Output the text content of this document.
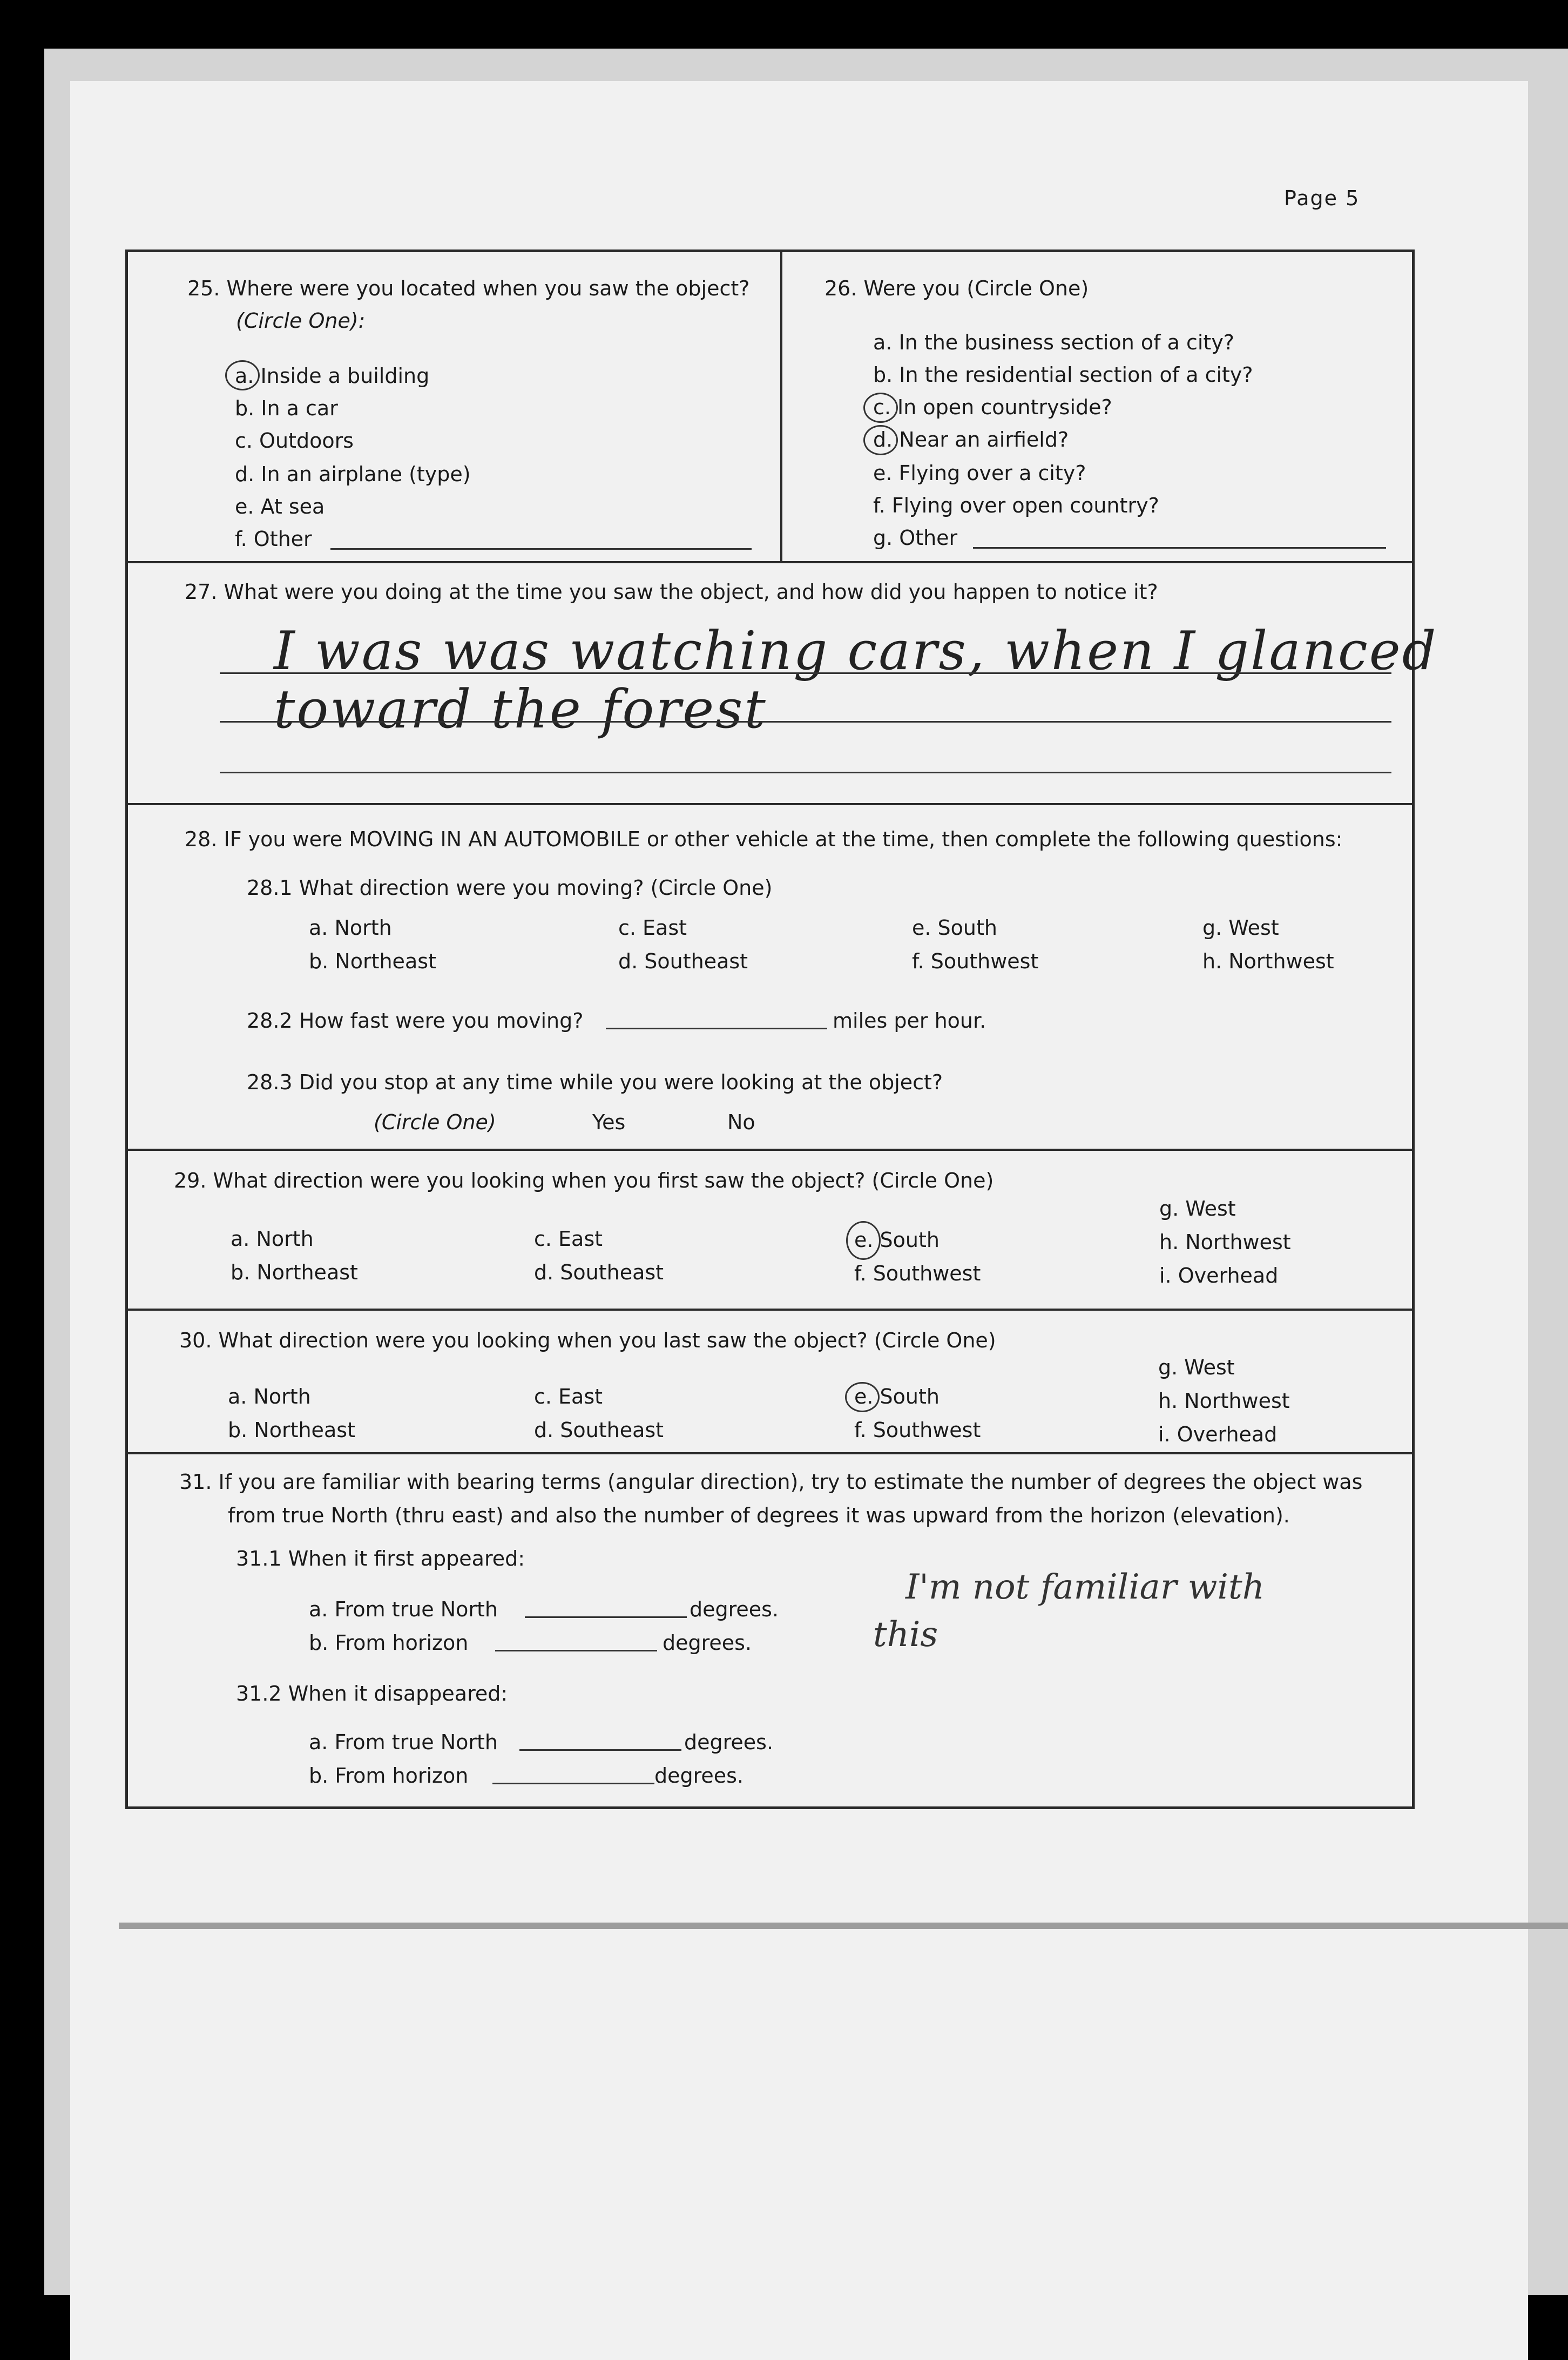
Page 5
25. Where were you located when you saw the object?
(Circle One):
a. Inside a building
b. In a car
c. Outdoors
d. In an airplane (type)
e. At sea
f. Other
26. Were you (Circle One)
a. In the business section of a city?
b. In the residential section of a city?
c. In open countryside?
d. Near an airfield?
e. Flying over a city?
f. Flying over open country?
g. Other
27. What were you doing at the time you saw the object, and how did you happen to notice it?
I was was watching cars, when I glanced
toward the forest
28. IF you were MOVING IN AN AUTOMOBILE or other vehicle at the time, then complete the following questions:
28.1 What direction were you moving? (Circle One)
a. North
b. Northeast
c. East
d. Southeast
e. South
f. Southwest
g. West
h. Northwest
28.2 How fast were you moving?	miles per hour.
28.3 Did you stop at any time while you were looking at the object?
(Circle One)	Yes	No
29. What direction were you looking when you first saw the object? (Circle One)
a. North
b. Northeast
c. East
d. Southeast
e. South
f. Southwest
g. West
h. Northwest
i. Overhead
30. What direction were you looking when you last saw the object? (Circle One)
a. North
b. Northeast
c. East
d. Southeast
e. South
f. Southwest
g. West
h. Northwest
i. Overhead
31. If you are familiar with bearing terms (angular direction), try to estimate the number of degrees the object was
from true North (thru east) and also the number of degrees it was upward from the horizon (elevation).
31.1 When it first appeared:
a. From true North	degrees.
b. From horizon	degrees.
I'm not familiar with
this
31.2 When it disappeared:
a. From true North	degrees.
b. From horizon	degrees.
